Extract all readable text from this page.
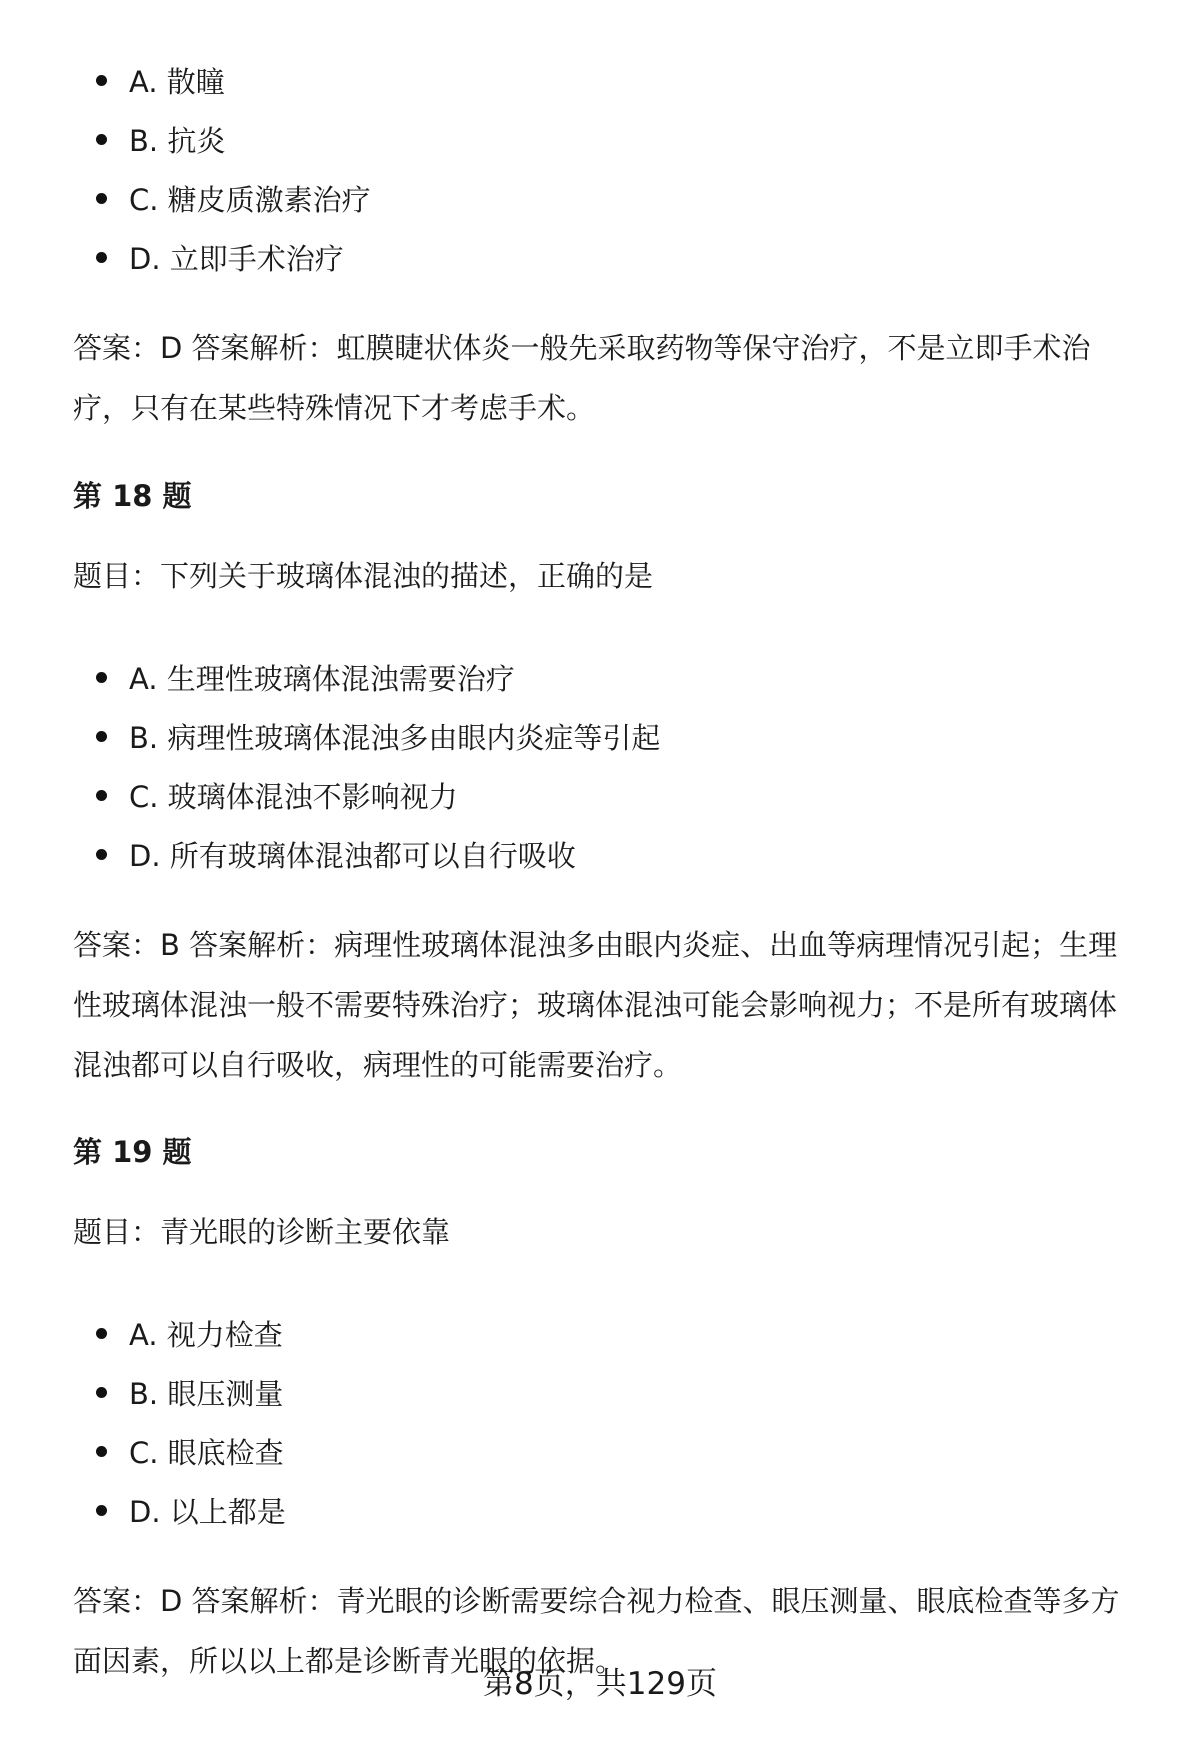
A. 散瞳
B. 抗炎
C. 糖皮质激素治疗
D. 立即手术治疗
答案：D 答案解析：虹膜睫状体炎一般先采取药物等保守治疗，不是立即手术治
疗，只有在某些特殊情况下才考虑手术。
第 18 题
题目：下列关于玻璃体混浊的描述，正确的是
A. 生理性玻璃体混浊需要治疗
B. 病理性玻璃体混浊多由眼内炎症等引起
C. 玻璃体混浊不影响视力
D. 所有玻璃体混浊都可以自行吸收
答案：B 答案解析：病理性玻璃体混浊多由眼内炎症、出血等病理情况引起；生理
性玻璃体混浊一般不需要特殊治疗；玻璃体混浊可能会影响视力；不是所有玻璃体
混浊都可以自行吸收，病理性的可能需要治疗。
第 19 题
题目：青光眼的诊断主要依靠
A. 视力检查
B. 眼压测量
C. 眼底检查
D. 以上都是
答案：D 答案解析：青光眼的诊断需要综合视力检查、眼压测量、眼底检查等多方
面因素，所以以上都是诊断青光眼的依据。
第8页，共129页
